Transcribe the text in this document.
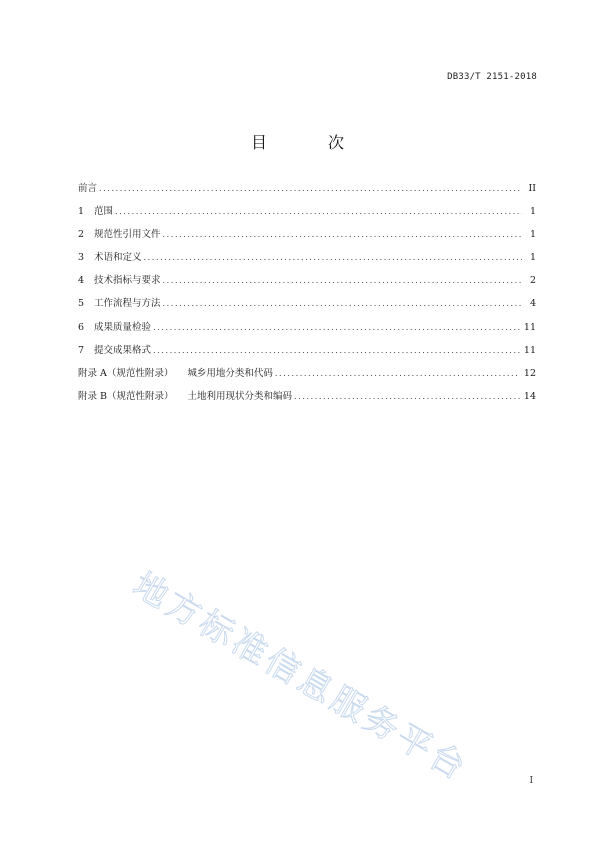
DB33/T 2151-2018
目 次
前言 .....	II
1	范围 .....	1
2	规范性引用文件 .....	1
3	术语和定义 .....	1
4	技术指标与要求 .....	2
5	工作流程与方法 .....	4
6	成果质量检验 .....	11
7	提交成果格式 .....	11
附录 A（规范性附录） 城乡用地分类和代码 .....	12
附录 B（规范性附录） 土地利用现状分类和编码 .....	14
地方标准信息服务平台	I
